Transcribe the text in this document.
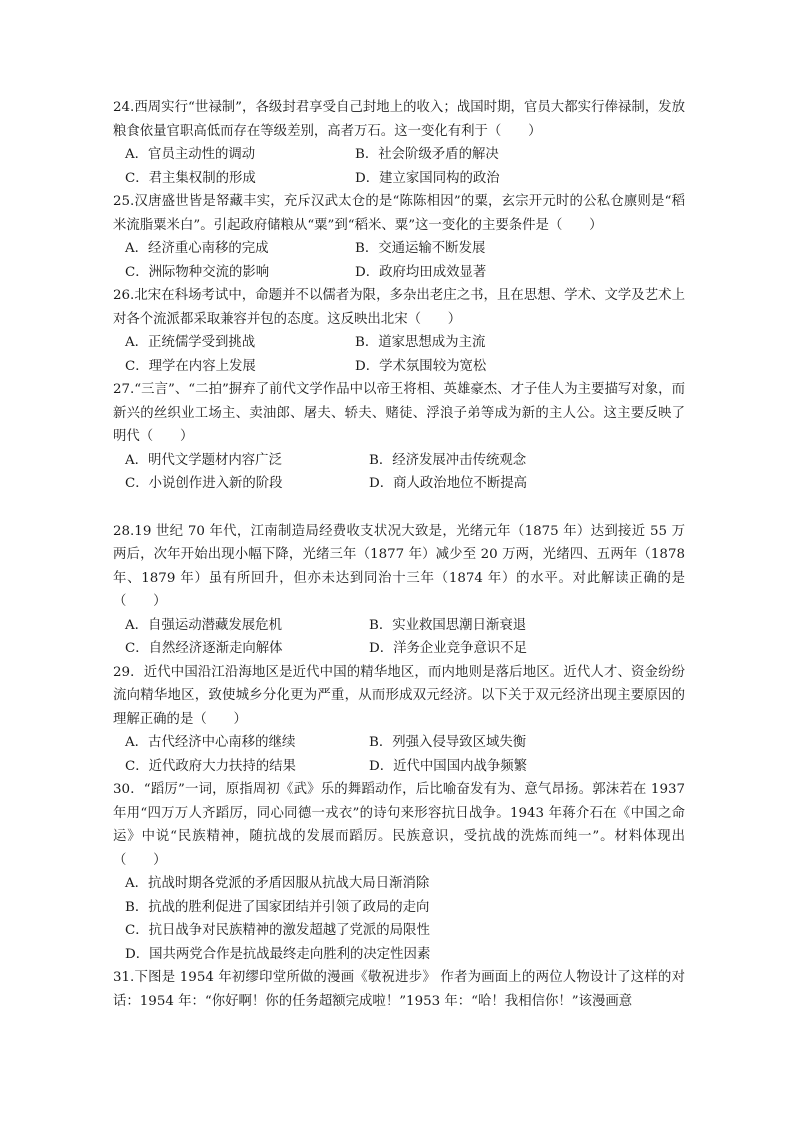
24.西周实行“世禄制”，各级封君享受自己封地上的收入；战国时期，官员大都实行俸禄制，发放粮食依量官职高低而存在等级差别，高者万石。这一变化有利于（　　）

A．官员主动性的调动	B．社会阶级矛盾的解决
C．君主集权制的形成	D．建立家国同构的政治

25.汉唐盛世皆是帑藏丰实，充斥汉武太仓的是“陈陈相因”的粟，玄宗开元时的公私仓廪则是“稻米流脂粟米白”。引起政府储粮从“粟”到“稻米、粟”这一变化的主要条件是（　　）

A．经济重心南移的完成	B．交通运输不断发展
C．洲际物种交流的影响	D．政府均田成效显著

26.北宋在科场考试中，命题并不以儒者为限，多杂出老庄之书，且在思想、学术、文学及艺术上对各个流派都采取兼容并包的态度。这反映出北宋（　　）

A．正统儒学受到挑战	B．道家思想成为主流
C．理学在内容上发展	D．学术氛围较为宽松

27.“三言”、“二拍”摒弃了前代文学作品中以帝王将相、英雄豪杰、才子佳人为主要描写对象，而新兴的丝织业工场主、卖油郎、屠夫、轿夫、赌徒、浮浪子弟等成为新的主人公。这主要反映了明代（　　）

A．明代文学题材内容广泛	B．经济发展冲击传统观念
C．小说创作进入新的阶段	D．商人政治地位不断提高

28.19 世纪 70 年代，江南制造局经费收支状况大致是，光绪元年（1875 年）达到接近 55 万两后，次年开始出现小幅下降，光绪三年（1877 年）减少至 20 万两，光绪四、五两年（1878 年、1879 年）虽有所回升，但亦未达到同治十三年（1874 年）的水平。对此解读正确的是（　　）

A．自强运动潜藏发展危机	B．实业救国思潮日渐衰退
C．自然经济逐渐走向解体	D．洋务企业竞争意识不足

29．近代中国沿江沿海地区是近代中国的精华地区，而内地则是落后地区。近代人才、资金纷纷流向精华地区，致使城乡分化更为严重，从而形成双元经济。以下关于双元经济出现主要原因的理解正确的是（　　）

A．古代经济中心南移的继续	B．列强入侵导致区域失衡
C．近代政府大力扶持的结果	D．近代中国国内战争频繁

30．“蹈厉”一词，原指周初《武》乐的舞蹈动作，后比喻奋发有为、意气昂扬。郭沫若在 1937 年用“四万万人齐蹈厉，同心同德一戎衣”的诗句来形容抗日战争。1943 年蒋介石在《中国之命运》中说“民族精神，随抗战的发展而蹈厉。民族意识，受抗战的洗炼而纯一”。材料体现出（　　）

A．抗战时期各党派的矛盾因服从抗战大局日渐消除
B．抗战的胜利促进了国家团结并引领了政局的走向
C．抗日战争对民族精神的激发超越了党派的局限性
D．国共两党合作是抗战最终走向胜利的决定性因素

31.下图是 1954 年初缪印堂所做的漫画《敬祝进步》 作者为画面上的两位人物设计了这样的对话：1954 年：“你好啊！你的任务超额完成啦！”1953 年：“哈！我相信你！”该漫画意
